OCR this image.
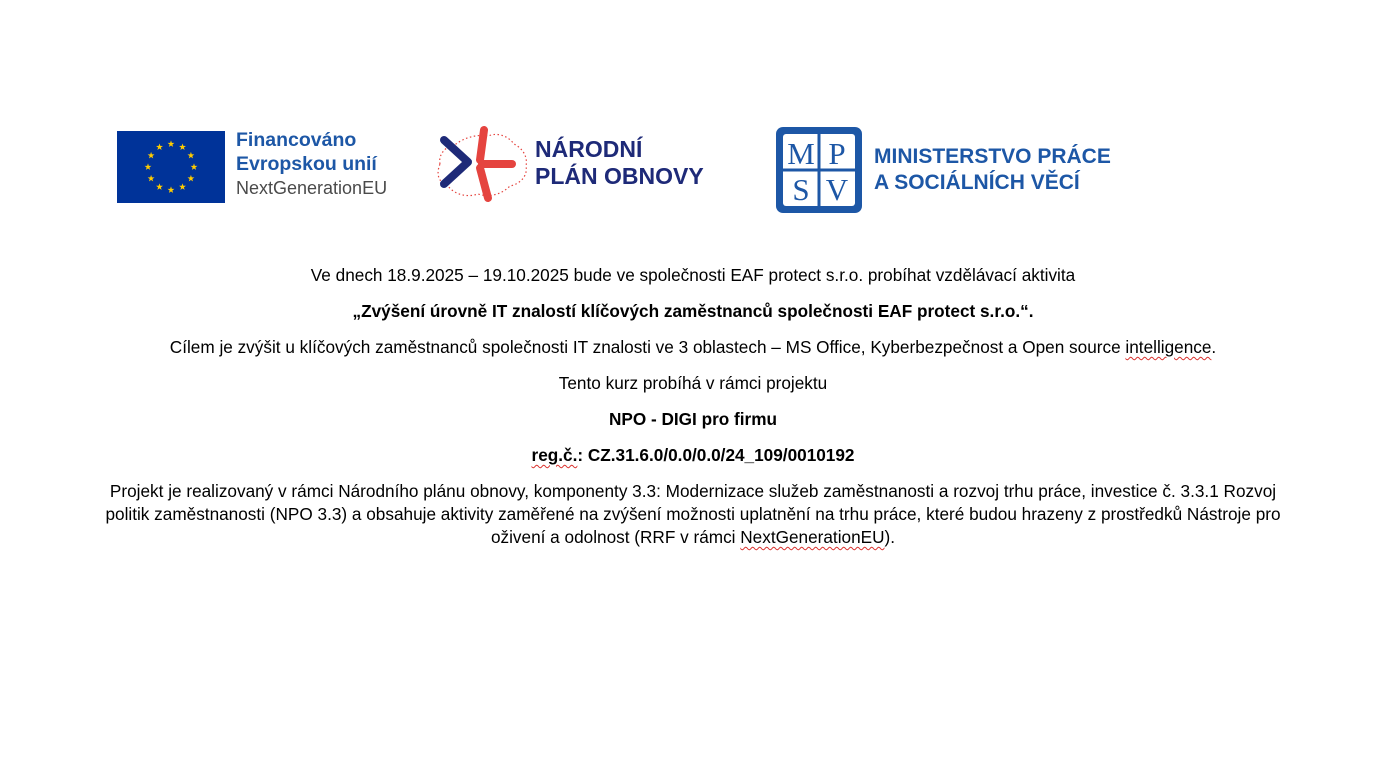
Financováno
Evropskou unií
NextGenerationEU
NÁRODNÍ
PLÁN OBNOVY
M P
S V
MINISTERSTVO PRÁCE
A SOCIÁLNÍCH VĚCÍ

Ve dnech 18.9.2025 – 19.10.2025 bude ve společnosti EAF protect s.r.o. probíhat vzdělávací aktivita

„Zvýšení úrovně IT znalostí klíčových zaměstnanců společnosti EAF protect s.r.o.“.

Cílem je zvýšit u klíčových zaměstnanců společnosti IT znalosti ve 3 oblastech – MS Office, Kyberbezpečnost a Open source intelligence.

Tento kurz probíhá v rámci projektu

NPO - DIGI pro firmu

reg.č.: CZ.31.6.0/0.0/0.0/24_109/0010192

Projekt je realizovaný v rámci Národního plánu obnovy, komponenty 3.3: Modernizace služeb zaměstnanosti a rozvoj trhu práce, investice č. 3.3.1 Rozvoj politik zaměstnanosti (NPO 3.3) a obsahuje aktivity zaměřené na zvýšení možnosti uplatnění na trhu práce, které budou hrazeny z prostředků Nástroje pro oživení a odolnost (RRF v rámci NextGenerationEU).
